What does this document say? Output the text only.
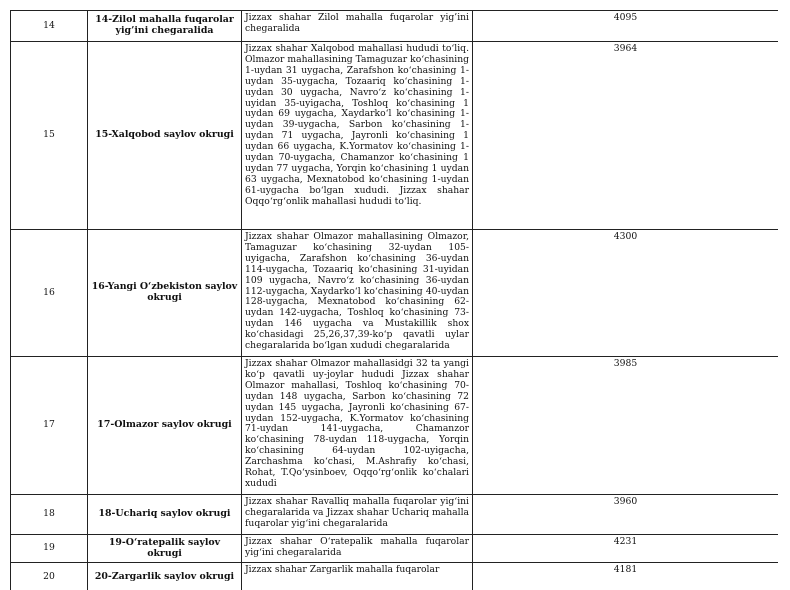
14	14-Zilol mahalla fuqarolar yig’ini chegaralida	Jizzax shahar Zilol mahalla fuqarolar yig’ini chegaralida	4095
15	15-Xalqobod saylov okrugi	Jizzax shahar Xalqobod mahallasi hududi to‘liq. Olmazor mahallasining Tamaguzar ko‘chasining 1-uydan 31 uygacha, Zarafshon ko‘chasining 1-uydan 35-uygacha, Tozaariq ko‘chasining 1-uydan 30 uygacha, Navro‘z ko‘chasining 1-uyidan 35-uyigacha, Toshloq ko‘chasining 1 uydan 69 uygacha, Xaydarko‘l ko‘chasining 1-uydan 39-uygacha, Sarbon ko‘chasining 1-uydan 71 uygacha, Jayronli ko‘chasining 1 uydan 66 uygacha, K.Yormatov ko‘chasining 1-uydan 70-uygacha, Chamanzor ko‘chasining 1 uydan 77 uygacha, Yorqin ko‘chasining 1 uydan 63 uygacha, Mexnatobod ko‘chasining 1-uydan 61-uygacha bo‘lgan xududi. Jizzax shahar Oqqo‘rg‘onlik mahallasi hududi to‘liq.	3964
16	16-Yangi O‘zbekiston saylov okrugi	Jizzax shahar Olmazor mahallasining Olmazor, Tamaguzar ko‘chasining 32-uydan 105-uyigacha, Zarafshon ko‘chasining 36-uydan 114-uygacha, Tozaariq ko‘chasining 31-uyidan 109 uygacha, Navro‘z ko‘chasining 36-uydan 112-uygacha, Xaydarko‘l ko‘chasining 40-uydan 128-uygacha, Mexnatobod ko‘chasining 62-uydan 142-uygacha, Toshloq ko‘chasining 73-uydan 146 uygacha va Mustakillik shox ko‘chasidagi 25,26,37,39-ko‘p qavatli uylar chegaralarida bo‘lgan xududi chegaralarida	4300
17	17-Olmazor saylov okrugi	Jizzax shahar Olmazor mahallasidgi 32 ta yangi ko‘p qavatli uy-joylar hududi Jizzax shahar Olmazor mahallasi, Toshloq ko‘chasining 70-uydan 148 uygacha, Sarbon ko‘chasining 72 uydan 145 uygacha, Jayronli ko‘chasining 67-uydan 152-uygacha, K.Yormatov ko‘chasining 71-uydan 141-uygacha, Chamanzor ko‘chasining 78-uydan 118-uygacha, Yorqin ko‘chasining 64-uydan 102-uyigacha, Zarchashma ko‘chasi, M.Ashrafiy ko‘chasi, Rohat, T.Qo‘ysinboev, Oqqo‘rg‘onlik ko‘chalari xududi	3985
18	18-Uchariq saylov okrugi	Jizzax shahar Ravalliq mahalla fuqarolar yig‘ini chegaralarida va Jizzax shahar Uchariq mahalla fuqarolar yig‘ini chegaralarida	3960
19	19-O‘ratepalik saylov okrugi	Jizzax shahar O‘ratepalik mahalla fuqarolar yig‘ini chegaralarida	4231
20	20-Zargarlik saylov okrugi	Jizzax shahar Zargarlik mahalla fuqarolar	4181
